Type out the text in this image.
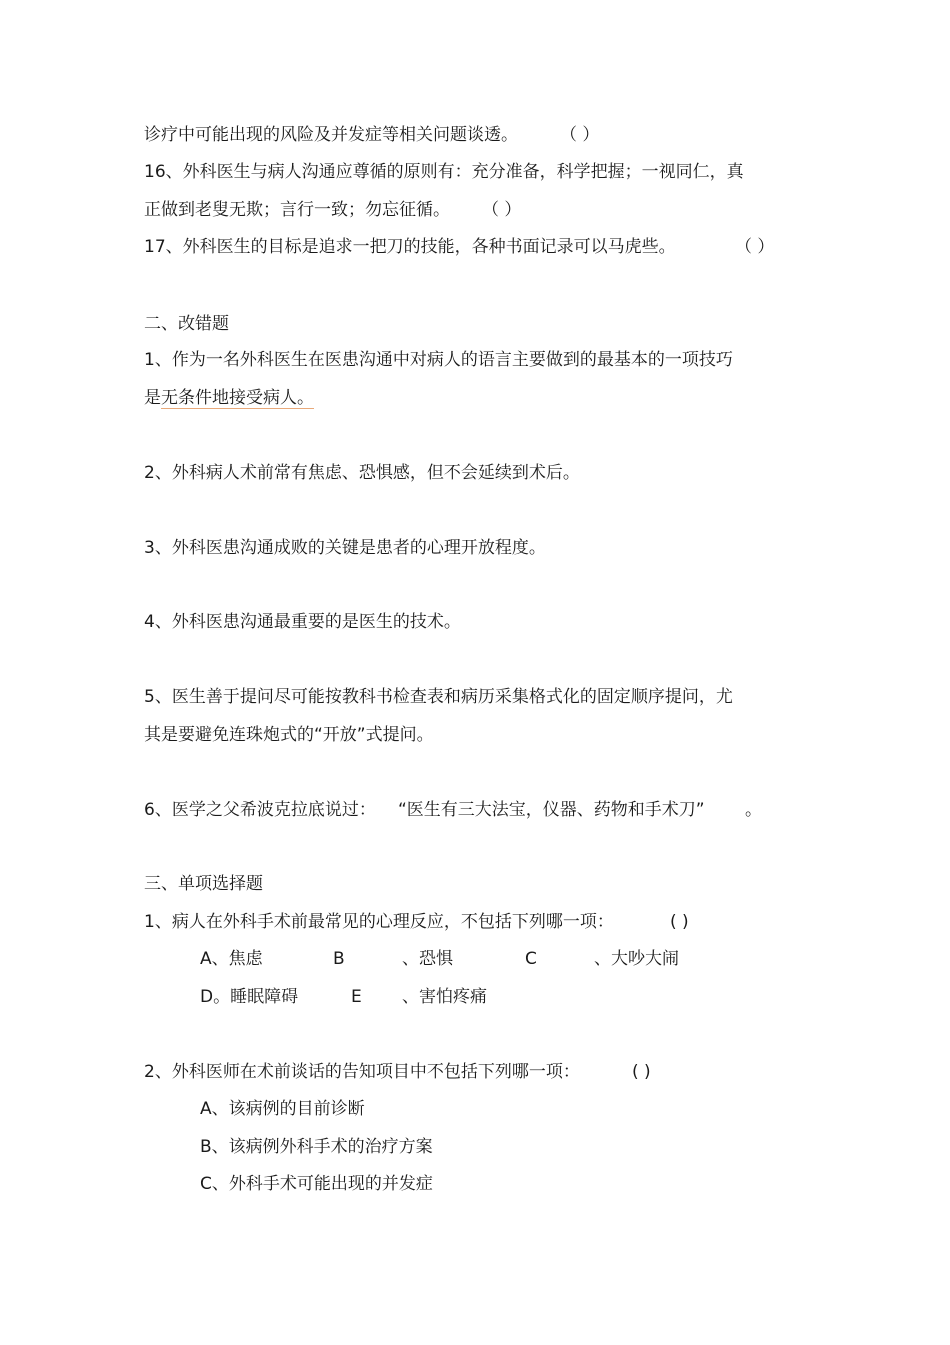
诊疗中可能出现的风险及并发症等相关问题谈透。 （ ）
16、外科医生与病人沟通应尊循的原则有：充分准备，科学把握；一视同仁，真
正做到老叟无欺；言行一致；勿忘征循。 （ ）
17、外科医生的目标是追求一把刀的技能，各种书面记录可以马虎些。	（ ）
二、改错题
1、作为一名外科医生在医患沟通中对病人的语言主要做到的最基本的一项技巧
是无条件地接受病人。
2、外科病人术前常有焦虑、恐惧感，但不会延续到术后。
3、外科医患沟通成败的关键是患者的心理开放程度。
4、外科医患沟通最重要的是医生的技术。
5、医生善于提问尽可能按教科书检查表和病历采集格式化的固定顺序提问，尤
其是要避免连珠炮式的“开放”式提问。
6、医学之父希波克拉底说过： “医生有三大法宝，仪器、药物和手术刀” 。
三、单项选择题
1、病人在外科手术前最常见的心理反应，不包括下列哪一项：	( )
A、焦虑	B	、恐惧	C	、大吵大闹
D。睡眠障碍	E 、害怕疼痛
2、外科医师在术前谈话的告知项目中不包括下列哪一项：	( )
A、该病例的目前诊断
B、该病例外科手术的治疗方案
C、外科手术可能出现的并发症
